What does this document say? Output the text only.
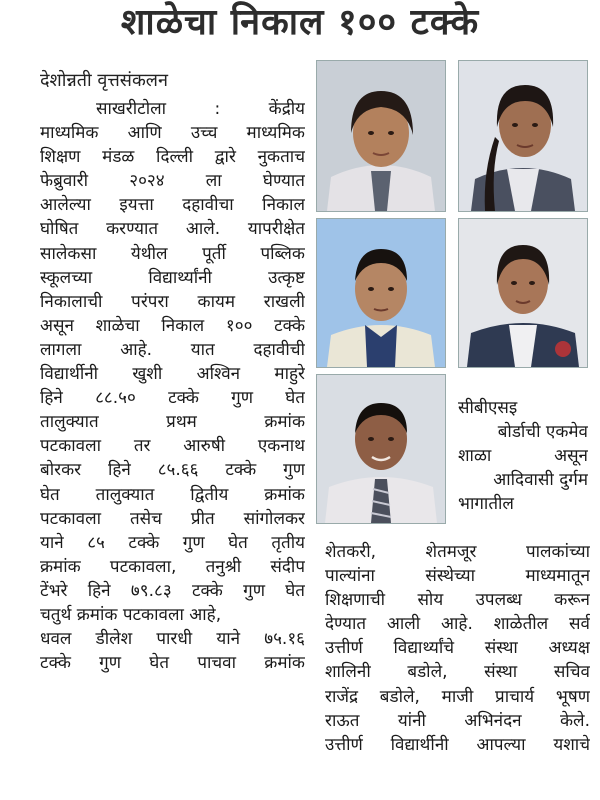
शाळेचा निकाल १०० टक्के
देशोन्नती वृत्तसंकलन
साखरीटोला : केंद्रीय
माध्यमिक आणि उच्च माध्यमिक
शिक्षण मंडळ दिल्ली द्वारे नुकताच
फेब्रुवारी २०२४ ला घेण्यात
आलेल्या इयत्ता दहावीचा निकाल
घोषित करण्यात आले. यापरीक्षेत
सालेकसा येथील पूर्ती पब्लिक
स्कूलच्या विद्यार्थ्यांनी उत्कृष्ट
निकालाची परंपरा कायम राखली
असून शाळेचा निकाल १०० टक्के
लागला आहे. यात दहावीची
विद्यार्थीनी खुशी अश्विन माहुरे
हिने ८८.५० टक्के गुण घेत
तालुक्यात प्रथम क्रमांक
पटकावला तर आरुषी एकनाथ
बोरकर हिने ८५.६६ टक्के गुण
घेत तालुक्यात द्वितीय क्रमांक
पटकावला तसेच प्रीत सांगोलकर
याने ८५ टक्के गुण घेत तृतीय
क्रमांक पटकावला, तनुश्री संदीप
टेंभरे हिने ७९.८३ टक्के गुण घेत
चतुर्थ क्रमांक पटकावला आहे,
धवल डीलेश पारधी याने ७५.१६
टक्के गुण घेत पाचवा क्रमांक
सीबीएसइ
बोर्डाची एकमेव
शाळा असून
आदिवासी दुर्गम
भागातील
शेतकरी, शेतमजूर पालकांच्या
पाल्यांना संस्थेच्या माध्यमातून
शिक्षणाची सोय उपलब्ध करून
देण्यात आली आहे. शाळेतील सर्व
उत्तीर्ण विद्यार्थ्यांचे संस्था अध्यक्ष
शालिनी बडोले, संस्था सचिव
राजेंद्र बडोले, माजी प्राचार्य भूषण
राऊत यांनी अभिनंदन केले.
उत्तीर्ण विद्यार्थीनी आपल्या यशाचे
